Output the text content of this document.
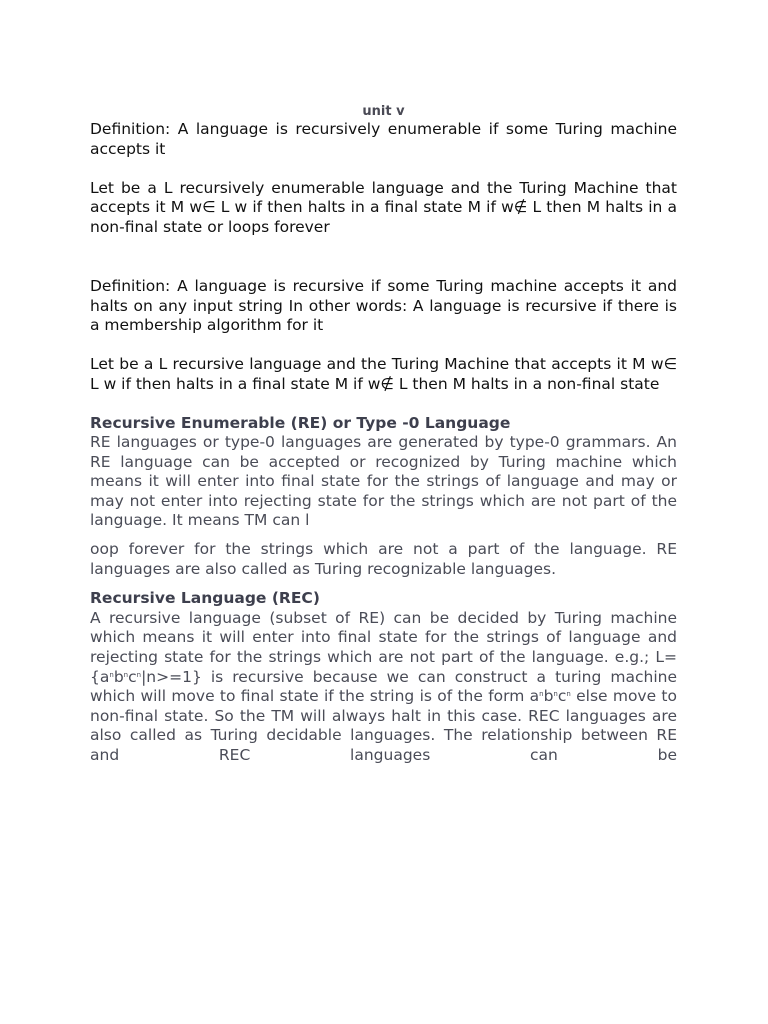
unit v

Definition: A language is recursively enumerable if some Turing machine accepts it

Let be a L recursively enumerable language and the Turing Machine that accepts it M w∈ L w if then halts in a final state M if w∉ L then M halts in a non-final state or loops forever

Definition: A language is recursive if some Turing machine accepts it and halts on any input string In other words: A language is recursive if there is a membership algorithm for it

Let be a L recursive language and the Turing Machine that accepts it M w∈ L w if then halts in a final state M if w∉ L then M halts in a non-final state

Recursive Enumerable (RE) or Type -0 Language

RE languages or type-0 languages are generated by type-0 grammars. An RE language can be accepted or recognized by Turing machine which means it will enter into final state for the strings of language and may or may not enter into rejecting state for the strings which are not part of the language. It means TM can l

oop forever for the strings which are not a part of the language. RE languages are also called as Turing recognizable languages.

Recursive Language (REC)

A recursive language (subset of RE) can be decided by Turing machine which means it will enter into final state for the strings of language and rejecting state for the strings which are not part of the language. e.g.; $L= \{a^nb^nc^n|n>=1\}$ is recursive because we can construct a turing machine which will move to final state if the string is of the form $a^nb^nc^n$ else move to non-final state. So the TM will always halt in this case. REC languages are also called as Turing decidable languages. The relationship between RE and REC languages can be
